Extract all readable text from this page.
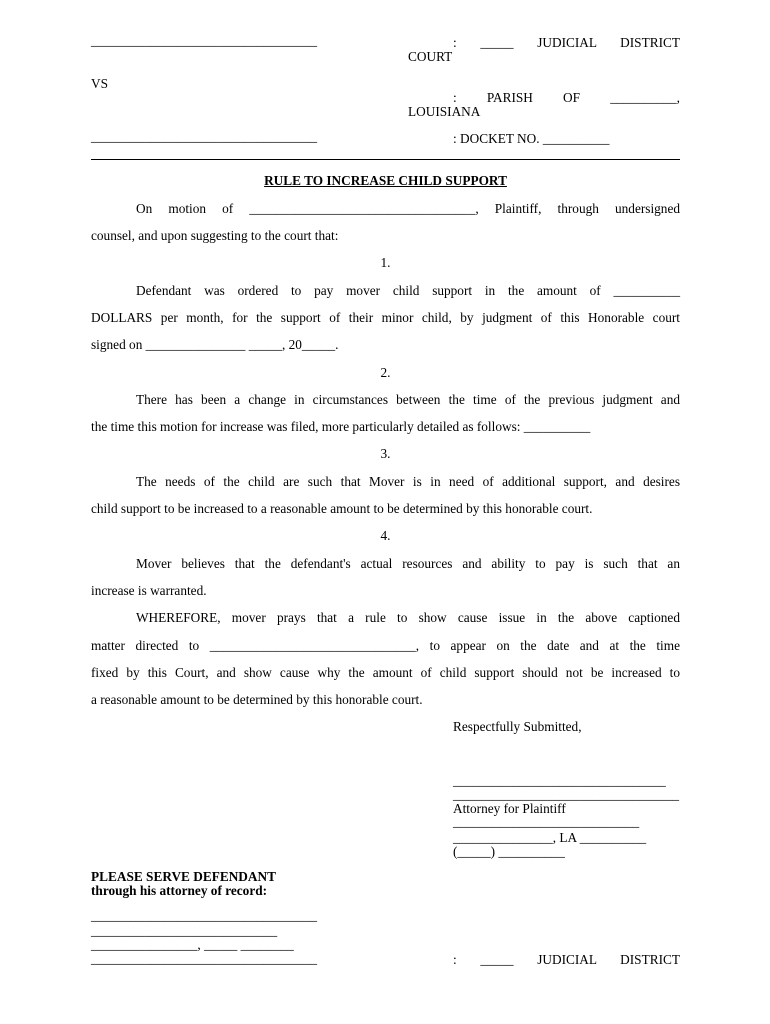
__________________________________	: _____ JUDICIAL DISTRICT
COURT
VS
: PARISH OF __________,
LOUISIANA
__________________________________	: DOCKET NO. __________
RULE TO INCREASE CHILD SUPPORT
On motion of __________________________________, Plaintiff, through undersigned
counsel, and upon suggesting to the court that:
1.
Defendant was ordered to pay mover child support in the amount of __________
DOLLARS per month, for the support of their minor child, by judgment of this Honorable court
signed on _______________ _____, 20_____.
2.
There has been a change in circumstances between the time of the previous judgment and
the time this motion for increase was filed, more particularly detailed as follows: __________
3.
The needs of the child are such that Mover is in need of additional support, and desires
child support to be increased to a reasonable amount to be determined by this honorable court.
4.
Mover believes that the defendant's actual resources and ability to pay is such that an
increase is warranted.
WHEREFORE, mover prays that a rule to show cause issue in the above captioned
matter directed to _______________________________, to appear on the date and at the time
fixed by this Court, and show cause why the amount of child support should not be increased to
a reasonable amount to be determined by this honorable court.
Respectfully Submitted,
________________________________
__________________________________
Attorney for Plaintiff
____________________________
_______________, LA __________
(_____) __________
PLEASE SERVE DEFENDANT
through his attorney of record:
__________________________________
____________________________
________________, _____ ________
__________________________________	: _____ JUDICIAL DISTRICT
